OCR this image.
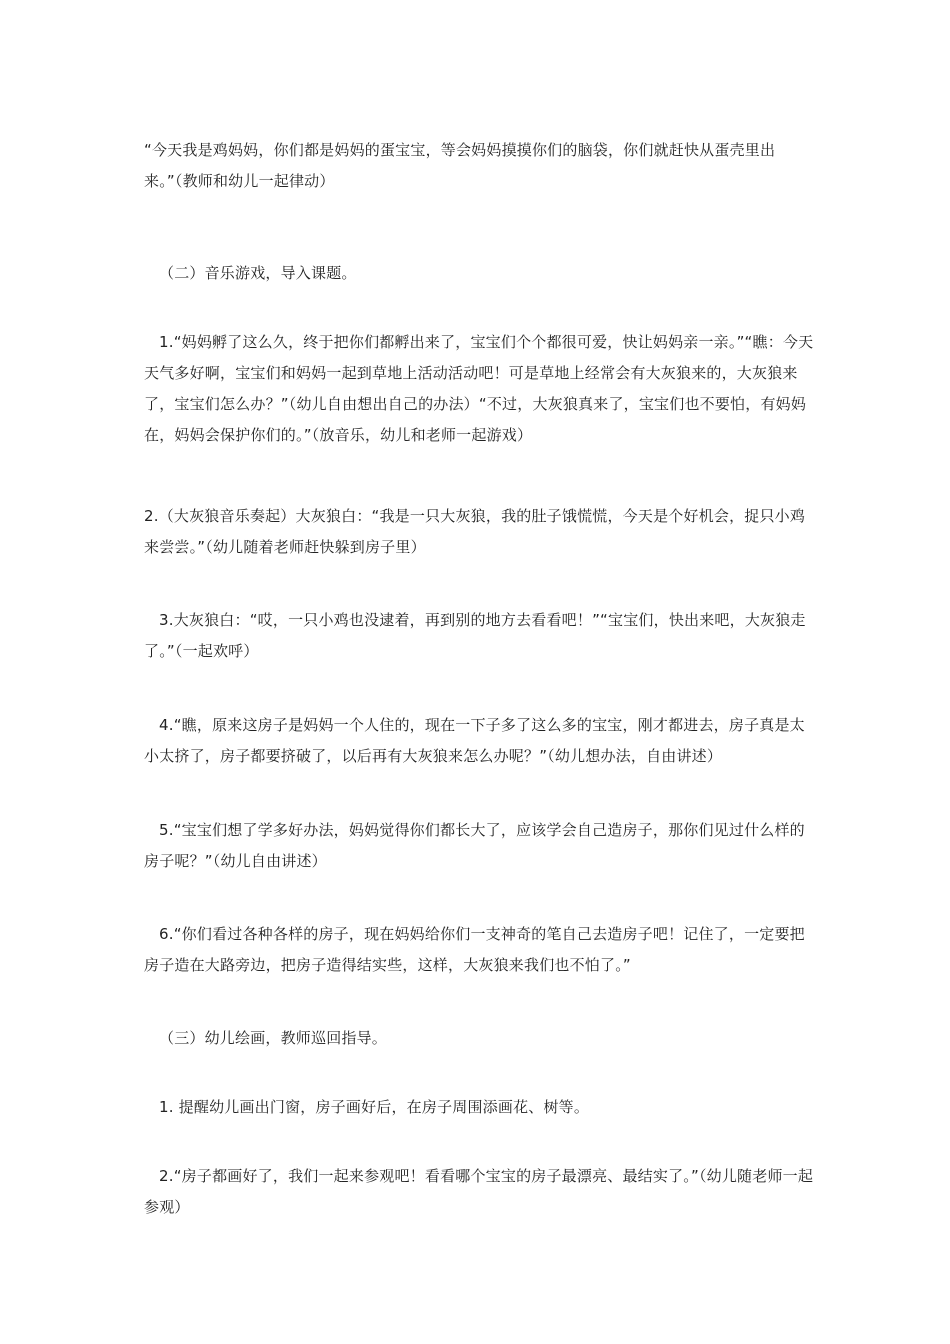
“今天我是鸡妈妈，你们都是妈妈的蛋宝宝，等会妈妈摸摸你们的脑袋，你们就赶快从蛋壳里出来。”（教师和幼儿一起律动）

（二）音乐游戏，导入课题。

1.“妈妈孵了这么久，终于把你们都孵出来了，宝宝们个个都很可爱，快让妈妈亲一亲。”“瞧：今天天气多好啊，宝宝们和妈妈一起到草地上活动活动吧！可是草地上经常会有大灰狼来的，大灰狼来了，宝宝们怎么办？”（幼儿自由想出自己的办法）“不过，大灰狼真来了，宝宝们也不要怕，有妈妈在，妈妈会保护你们的。”（放音乐，幼儿和老师一起游戏）

2.（大灰狼音乐奏起）大灰狼白：“我是一只大灰狼，我的肚子饿慌慌，今天是个好机会，捉只小鸡来尝尝。”（幼儿随着老师赶快躲到房子里）

3.大灰狼白：“哎，一只小鸡也没逮着，再到别的地方去看看吧！”“宝宝们，快出来吧，大灰狼走了。”（一起欢呼）

4.“瞧，原来这房子是妈妈一个人住的，现在一下子多了这么多的宝宝，刚才都进去，房子真是太小太挤了，房子都要挤破了，以后再有大灰狼来怎么办呢？”（幼儿想办法，自由讲述）

5.“宝宝们想了学多好办法，妈妈觉得你们都长大了，应该学会自己造房子，那你们见过什么样的房子呢？”（幼儿自由讲述）

6.“你们看过各种各样的房子，现在妈妈给你们一支神奇的笔自己去造房子吧！记住了，一定要把房子造在大路旁边，把房子造得结实些，这样，大灰狼来我们也不怕了。”

（三）幼儿绘画，教师巡回指导。

1. 提醒幼儿画出门窗，房子画好后，在房子周围添画花、树等。

2.“房子都画好了，我们一起来参观吧！看看哪个宝宝的房子最漂亮、最结实了。”（幼儿随老师一起参观）
